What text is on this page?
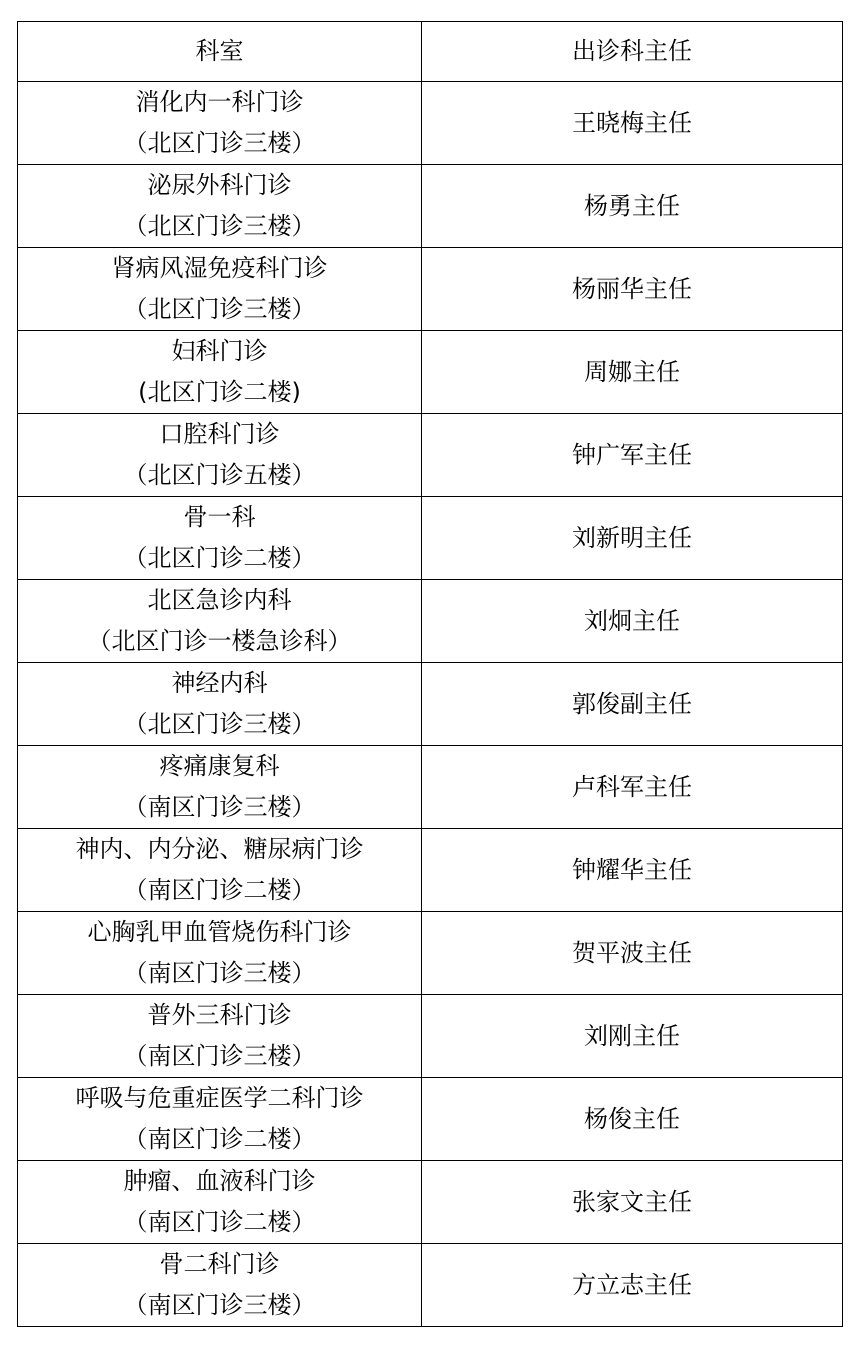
科室	出诊科主任

消化内一科门诊
（北区门诊三楼）	王晓梅主任

泌尿外科门诊
（北区门诊三楼）	杨勇主任

肾病风湿免疫科门诊
（北区门诊三楼）	杨丽华主任

妇科门诊
(北区门诊二楼)	周娜主任

口腔科门诊
（北区门诊五楼）	钟广军主任

骨一科
（北区门诊二楼）	刘新明主任

北区急诊内科
（北区门诊一楼急诊科）	刘炯主任

神经内科
（北区门诊三楼）	郭俊副主任

疼痛康复科
（南区门诊三楼）	卢科军主任

神内、内分泌、糖尿病门诊
（南区门诊二楼）	钟耀华主任

心胸乳甲血管烧伤科门诊
（南区门诊三楼）	贺平波主任

普外三科门诊
（南区门诊三楼）	刘刚主任

呼吸与危重症医学二科门诊
（南区门诊二楼）	杨俊主任

肿瘤、血液科门诊
（南区门诊二楼）	张家文主任

骨二科门诊
（南区门诊三楼）	方立志主任
